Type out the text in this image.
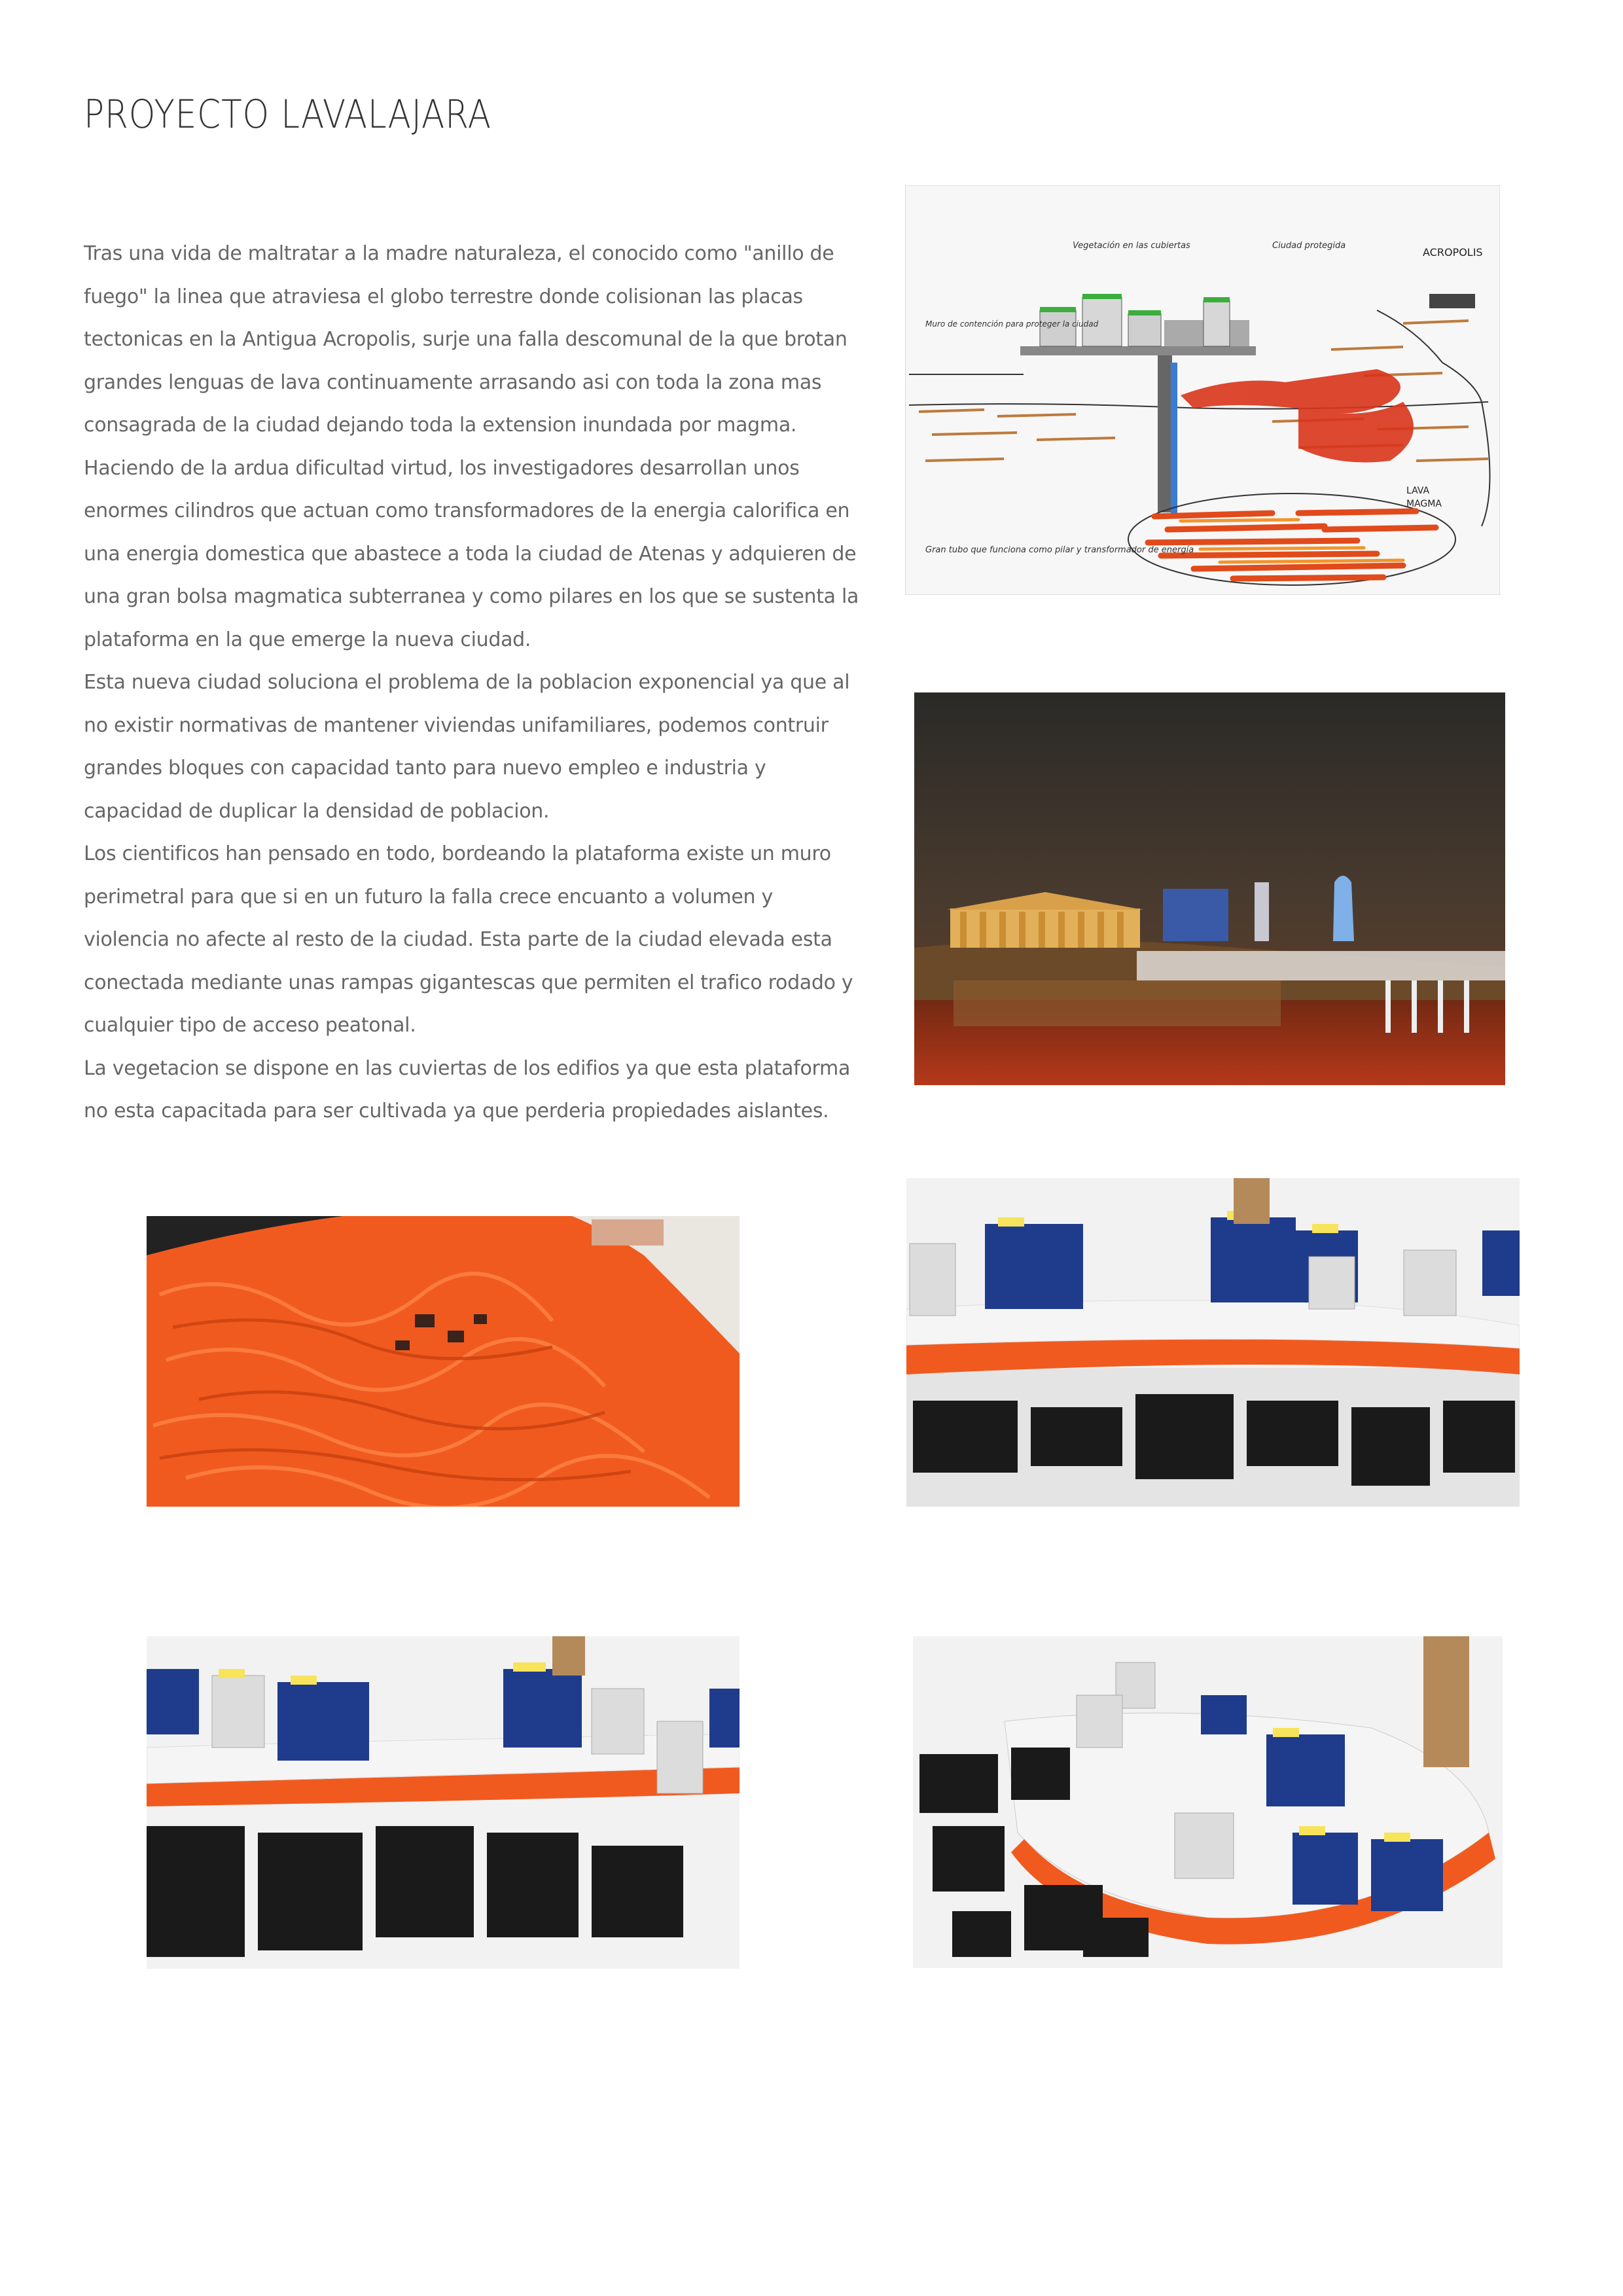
PROYECTO LAVALAJARA

Tras una vida de maltratar a la madre naturaleza, el conocido como "anillo de fuego" la linea que atraviesa el globo terrestre donde colisionan las placas tectonicas en la Antigua Acropolis, surje una falla descomunal de la que brotan grandes lenguas de lava continuamente arrasando asi con toda la zona mas consagrada de la ciudad dejando toda la extension inundada por magma.

Haciendo de la ardua dificultad virtud, los investigadores desarrollan unos enormes cilindros que actuan como transformadores de la energia calorifica en una energia domestica que abastece a toda la ciudad de Atenas y adquieren de una gran bolsa magmatica subterranea y como pilares en los que se sustenta la plataforma en la que emerge la nueva ciudad.

Esta nueva ciudad soluciona el problema de la poblacion exponencial ya que al no existir normativas de mantener viviendas unifamiliares, podemos contruir grandes bloques con capacidad tanto para nuevo empleo e industria y capacidad de duplicar la densidad de poblacion.

Los cientificos han pensado en todo, bordeando la plataforma existe un muro perimetral para que si en un futuro la falla crece encuanto a volumen y violencia no afecte al resto de la ciudad. Esta parte de la ciudad elevada esta conectada mediante unas rampas gigantescas que permiten el trafico rodado y cualquier tipo de acceso peatonal.

La vegetacion se dispone en las cuviertas de los edifios ya que esta plataforma no esta capacitada para ser cultivada ya que perderia propiedades aislantes.

ACROPOLIS
LAVA
MAGMA
Vegetación en las cubiertas	Ciudad protegida
Gran tubo que funciona como pilar y transformador de energía
Muro de contención para proteger la ciudad
